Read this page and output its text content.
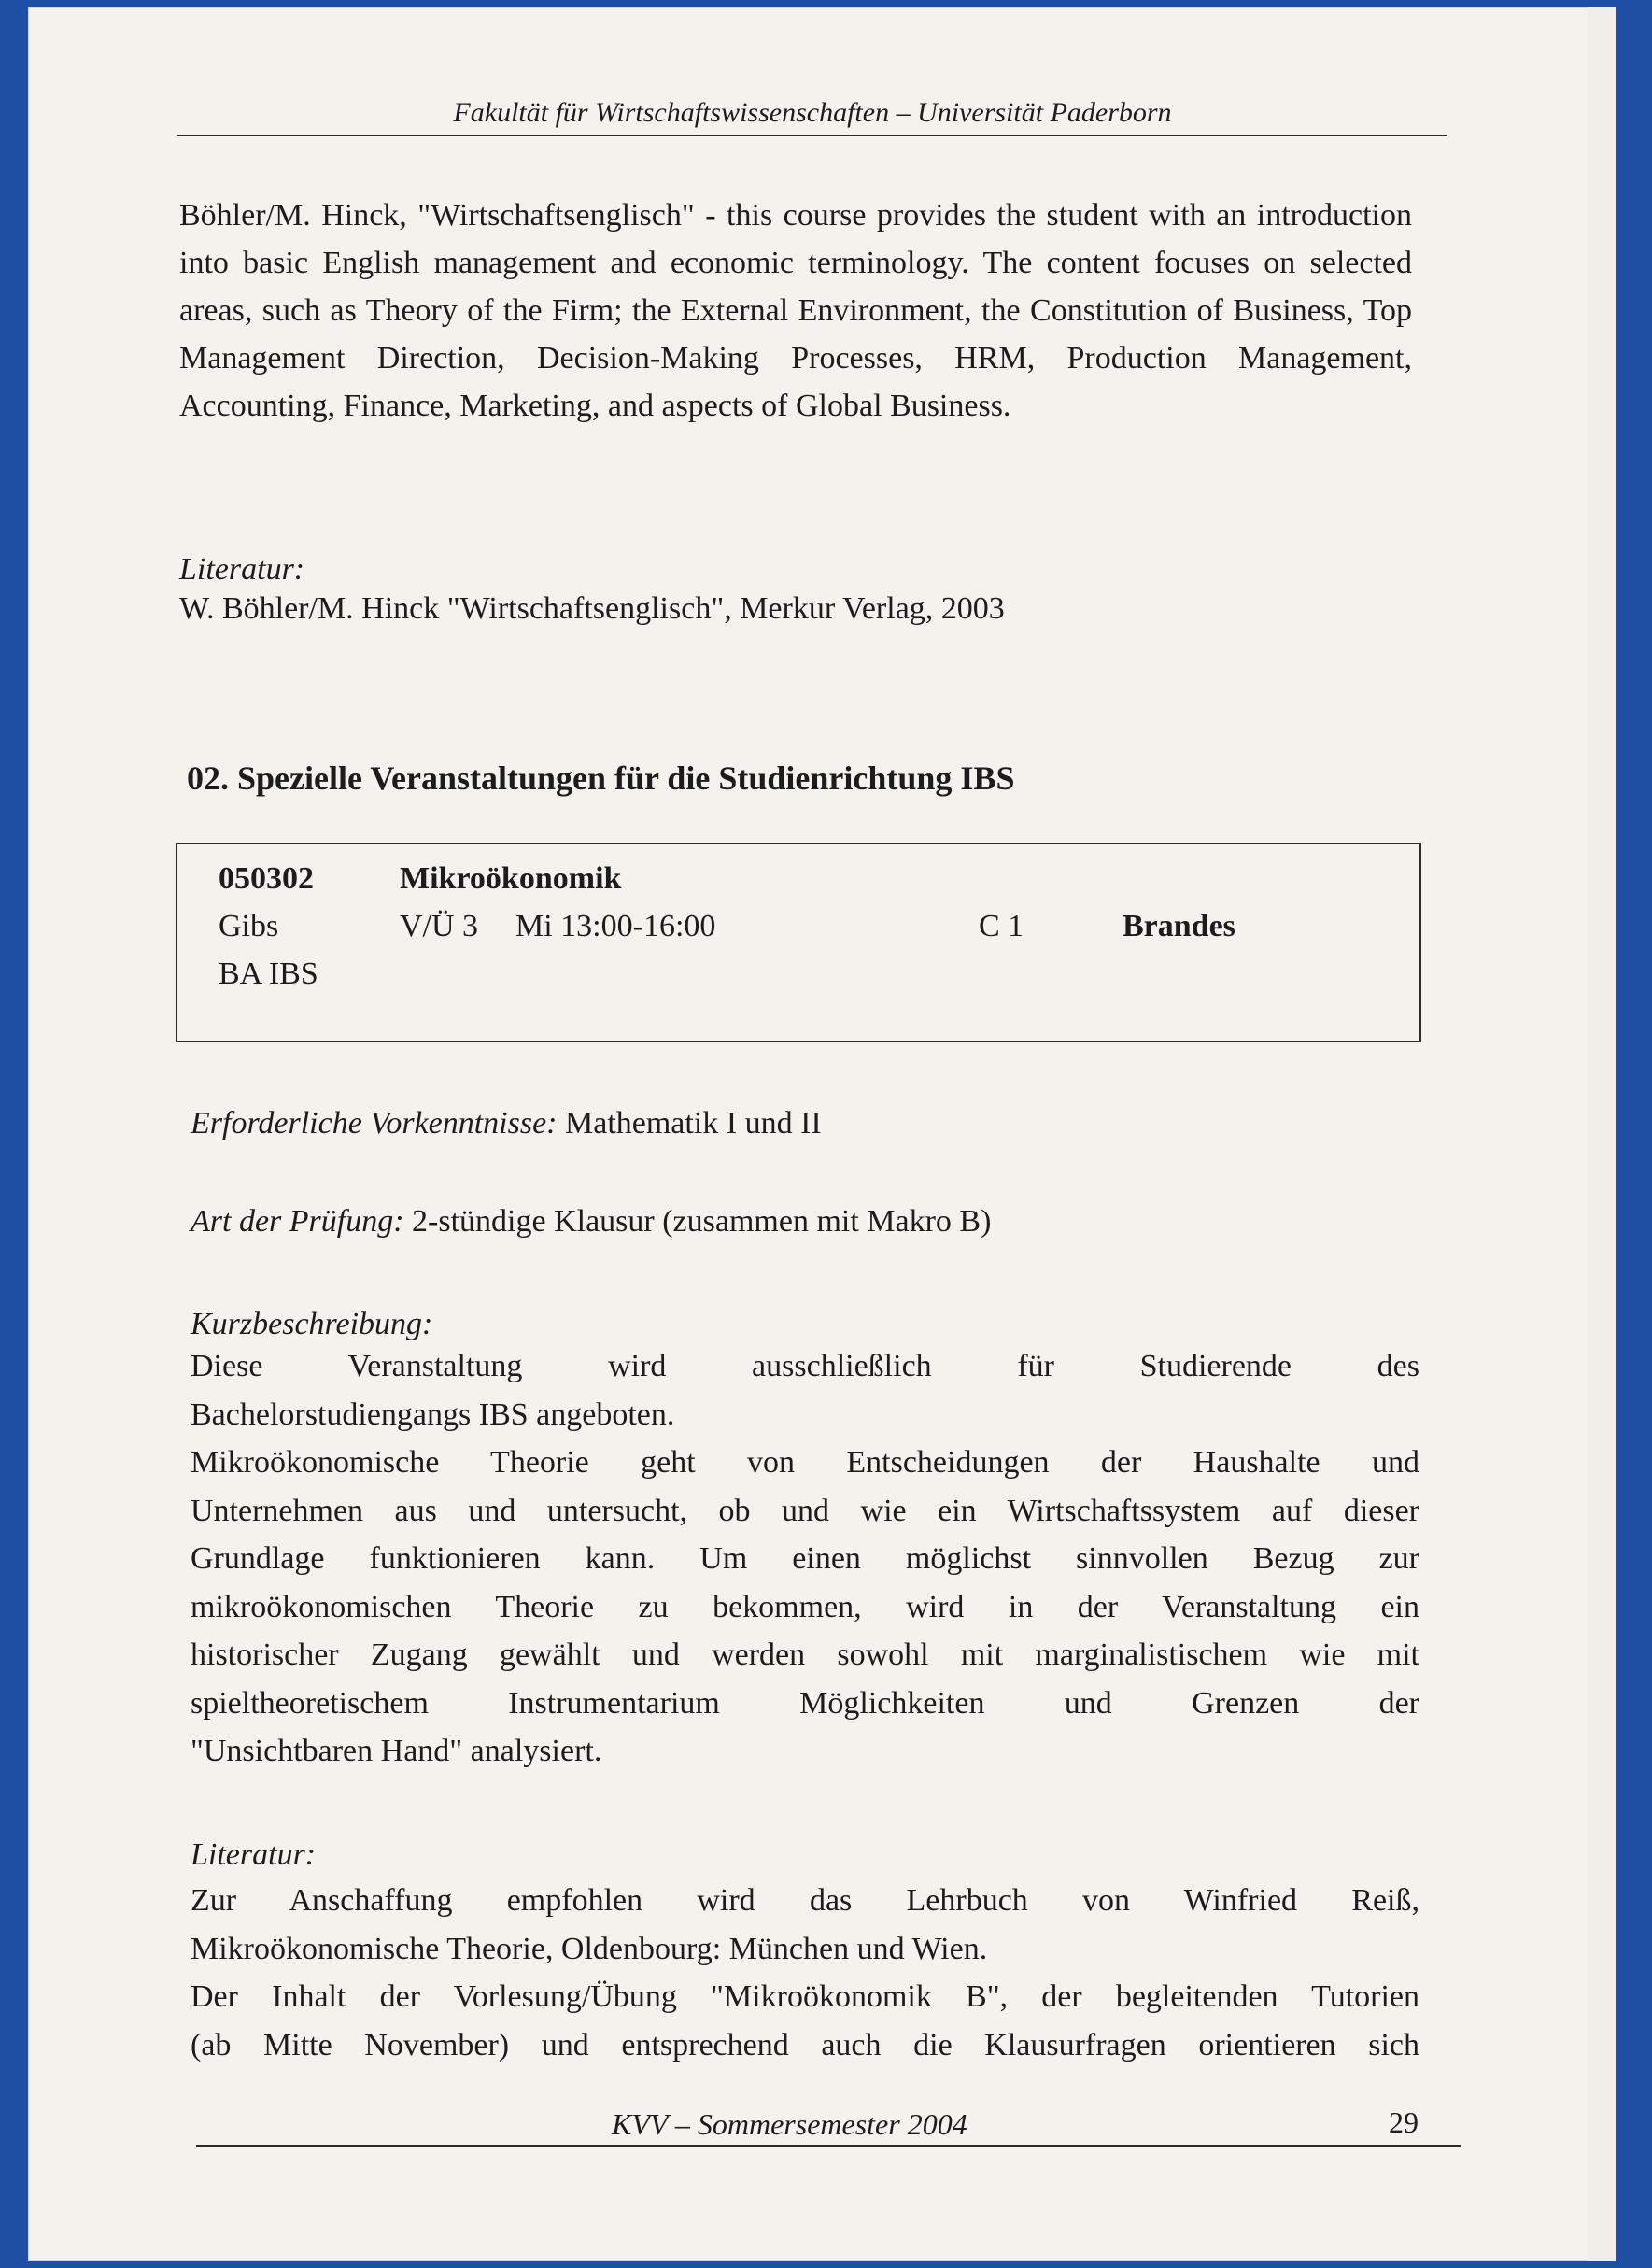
Fakultät für Wirtschaftswissenschaften – Universität Paderborn

Böhler/M. Hinck, "Wirtschaftsenglisch" - this course provides the student with an introduction into basic English management and economic terminology. The content focuses on selected areas, such as Theory of the Firm; the External Environment, the Constitution of Business, Top Management Direction, Decision-Making Processes, HRM, Production Management, Accounting, Finance, Marketing, and aspects of Global Business.

Literatur:
W. Böhler/M. Hinck "Wirtschaftsenglisch", Merkur Verlag, 2003
02. Spezielle Veranstaltungen für die Studienrichtung IBS
050302	Mikroökonomik
Gibs	V/Ü 3 Mi 13:00-16:00	C 1	Brandes
BA IBS
Erforderliche Vorkenntnisse: Mathematik I und II
Art der Prüfung: 2-stündige Klausur (zusammen mit Makro B)
Kurzbeschreibung:
Diese Veranstaltung wird ausschließlich für Studierende des
Bachelorstudiengangs IBS angeboten.
Mikroökonomische Theorie geht von Entscheidungen der Haushalte und
Unternehmen aus und untersucht, ob und wie ein Wirtschaftssystem auf dieser
Grundlage funktionieren kann. Um einen möglichst sinnvollen Bezug zur
mikroökonomischen Theorie zu bekommen, wird in der Veranstaltung ein
historischer Zugang gewählt und werden sowohl mit marginalistischem wie mit
spieltheoretischem Instrumentarium Möglichkeiten und Grenzen der
"Unsichtbaren Hand" analysiert.
Literatur:
Zur Anschaffung empfohlen wird das Lehrbuch von Winfried Reiß,
Mikroökonomische Theorie, Oldenbourg: München und Wien.
Der Inhalt der Vorlesung/Übung "Mikroökonomik B", der begleitenden Tutorien
(ab Mitte November) und entsprechend auch die Klausurfragen orientieren sich
KVV – Sommersemester 2004	29
